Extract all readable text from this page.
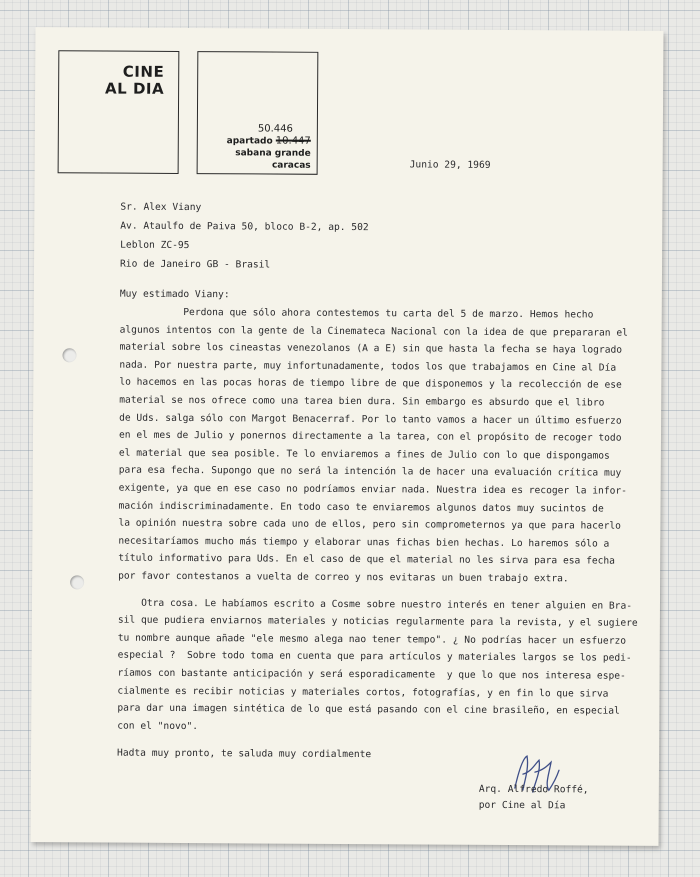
CINE
AL DIA
50.446
apartado 10.447
sabana grande
caracas	Junio 29, 1969
Sr. Alex Viany
Av. Ataulfo de Paiva 50, bloco B-2, ap. 502
Leblon ZC-95
Rio de Janeiro GB - Brasil
Muy estimado Viany:
Perdona que sólo ahora contestemos tu carta del 5 de marzo. Hemos hecho
algunos intentos con la gente de la Cinemateca Nacional con la idea de que prepararan el
material sobre los cineastas venezolanos (A a E) sin que hasta la fecha se haya logrado
nada. Por nuestra parte, muy infortunadamente, todos los que trabajamos en Cine al Día
lo hacemos en las pocas horas de tiempo libre de que disponemos y la recolección de ese
material se nos ofrece como una tarea bien dura. Sin embargo es absurdo que el libro
de Uds. salga sólo con Margot Benacerraf. Por lo tanto vamos a hacer un último esfuerzo
en el mes de Julio y ponernos directamente a la tarea, con el propósito de recoger todo
el material que sea posible. Te lo enviaremos a fines de Julio con lo que dispongamos
para esa fecha. Supongo que no será la intención la de hacer una evaluación crítica muy
exigente, ya que en ese caso no podríamos enviar nada. Nuestra idea es recoger la infor-
mación indiscriminadamente. En todo caso te enviaremos algunos datos muy sucintos de
la opinión nuestra sobre cada uno de ellos, pero sin comprometernos ya que para hacerlo
necesitaríamos mucho más tiempo y elaborar unas fichas bien hechas. Lo haremos sólo a
título informativo para Uds. En el caso de que el material no les sirva para esa fecha
por favor contestanos a vuelta de correo y nos evitaras un buen trabajo extra.
Otra cosa. Le habíamos escrito a Cosme sobre nuestro interés en tener alguien en Bra-
sil que pudiera enviarnos materiales y noticias regularmente para la revista, y el sugiere
tu nombre aunque añade "ele mesmo alega nao tener tempo". ¿ No podrías hacer un esfuerzo
especial ?  Sobre todo toma en cuenta que para artículos y materiales largos se los pedi-
ríamos con bastante anticipación y será esporadicamente  y que lo que nos interesa espe-
cialmente es recibir noticias y materiales cortos, fotografías, y en fin lo que sirva
para dar una imagen sintética de lo que está pasando con el cine brasileño, en especial
con el "novo".
Hadta muy pronto, te saluda muy cordialmente
Arq. Alfredo Roffé,
por Cine al Día
